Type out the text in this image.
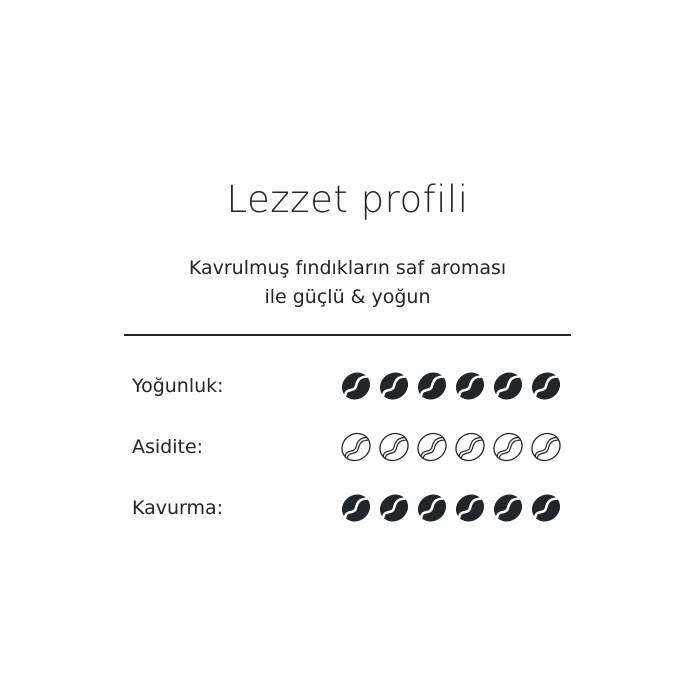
Lezzet profili
Kavrulmuş fındıkların saf aroması
ile güçlü & yoğun
Yoğunluk:
Asidite:
Kavurma:
